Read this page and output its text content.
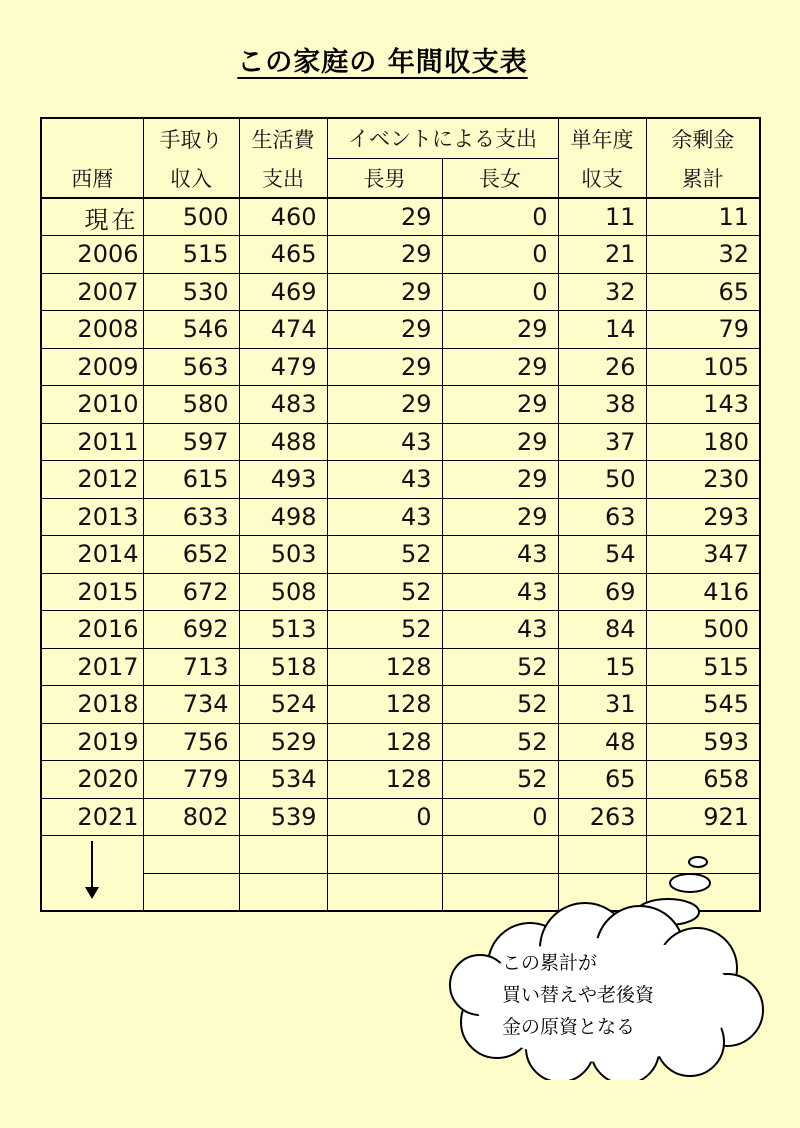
この家庭の 年間収支表
	手取り	生活費	イベントによる支出		単年度	余剰金
西暦	収入	支出	長男	長女	収支	累計
現在	500	460	29	0	11	11
2006	515	465	29	0	21	32
2007	530	469	29	0	32	65
2008	546	474	29	29	14	79
2009	563	479	29	29	26	105
2010	580	483	29	29	38	143
2011	597	488	43	29	37	180
2012	615	493	43	29	50	230
2013	633	498	43	29	63	293
2014	652	503	52	43	54	347
2015	672	508	52	43	69	416
2016	692	513	52	43	84	500
2017	713	518	128	52	15	515
2018	734	524	128	52	31	545
2019	756	529	128	52	48	593
2020	779	534	128	52	65	658
2021	802	539	0	0	263	921

この累計が
買い替えや老後資
金の原資となる
